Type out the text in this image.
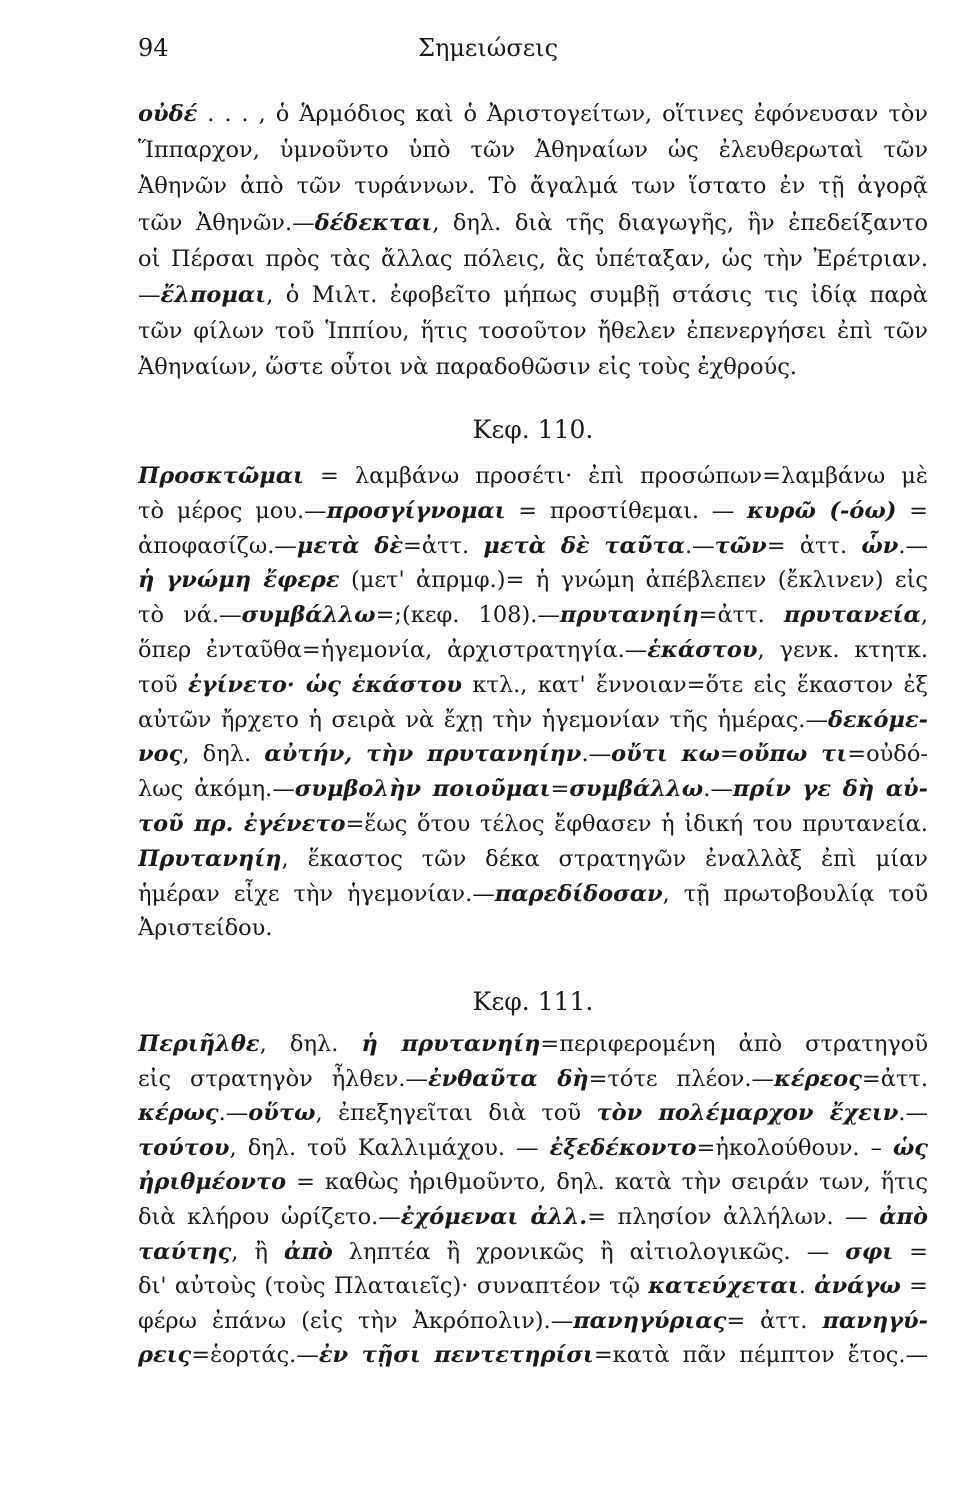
94	Σημειώσεις
οὐδέ . . . , ὁ Ἁρμόδιος καὶ ὁ Ἀριστογείτων, οἵτινες ἐφόνευσαν τὸν
Ἵππαρχον, ὑμνοῦντο ὑπὸ τῶν Ἀθηναίων ὡς ἐλευθερωταὶ τῶν
Ἀθηνῶν ἀπὸ τῶν τυράννων. Τὸ ἄγαλμά των ἵστατο ἐν τῇ ἀγορᾷ
τῶν Ἀθηνῶν.—δέδεκται, δηλ. διὰ τῆς διαγωγῆς, ἣν ἐπεδείξαντο
οἱ Πέρσαι πρὸς τὰς ἄλλας πόλεις, ἃς ὑπέταξαν, ὡς τὴν Ἐρέτριαν.
—ἔλπομαι, ὁ Μιλτ. ἐφοβεῖτο μήπως συμβῇ στάσις τις ἰδίᾳ παρὰ
τῶν φίλων τοῦ Ἱππίου, ἥτις τοσοῦτον ἤθελεν ἐπενεργήσει ἐπὶ τῶν
Ἀθηναίων, ὥστε οὗτοι νὰ παραδοθῶσιν εἰς τοὺς ἐχθρούς.
Κεφ. 110.
Προσκτῶμαι = λαμβάνω προσέτι· ἐπὶ προσώπων=λαμβάνω μὲ
τὸ μέρος μου.—προσγίγνομαι = προστίθεμαι. — κυρῶ (-όω) =
ἀποφασίζω.—μετὰ δὲ=ἀττ. μετὰ δὲ ταῦτα.—τῶν= ἀττ. ὧν.—
ἡ γνώμη ἔφερε (μετ' ἀπρμφ.)= ἡ γνώμη ἀπέβλεπεν (ἔκλινεν) εἰς
τὸ νά.—συμβάλλω=;(κεφ. 108).—πρυτανηίη=ἀττ. πρυτανεία,
ὅπερ ἐνταῦθα=ἡγεμονία, ἀρχιστρατηγία.—ἑκάστου, γενκ. κτητκ.
τοῦ ἐγίνετο· ὡς ἑκάστου κτλ., κατ' ἔννοιαν=ὅτε εἰς ἕκαστον ἐξ
αὐτῶν ἤρχετο ἡ σειρὰ νὰ ἔχῃ τὴν ἡγεμονίαν τῆς ἡμέρας.—δεκόμε-
νος, δηλ. αὐτήν, τὴν πρυτανηίην.—οὔτι κω=οὔπω τι=οὐδό-
λως ἀκόμη.—συμβολὴν ποιοῦμαι=συμβάλλω.—πρίν γε δὴ αὐ-
τοῦ πρ. ἐγένετο=ἕως ὅτου τέλος ἔφθασεν ἡ ἰδική του πρυτανεία.
Πρυτανηίη, ἕκαστος τῶν δέκα στρατηγῶν ἐναλλὰξ ἐπὶ μίαν
ἡμέραν εἶχε τὴν ἡγεμονίαν.—παρεδίδοσαν, τῇ πρωτοβουλίᾳ τοῦ
Ἀριστείδου.
Κεφ. 111.
Περιῆλθε, δηλ. ἡ πρυτανηίη=περιφερομένη ἀπὸ στρατηγοῦ
εἰς στρατηγὸν ἦλθεν.—ἐνθαῦτα δὴ=τότε πλέον.—κέρεος=ἀττ.
κέρως.—οὕτω, ἐπεξηγεῖται διὰ τοῦ τὸν πολέμαρχον ἔχειν.—
τούτου, δηλ. τοῦ Καλλιμάχου. — ἐξεδέκοντο=ἠκολούθουν. – ὡς
ἠριθμέοντο = καθὼς ἠριθμοῦντο, δηλ. κατὰ τὴν σειράν των, ἥτις
διὰ κλήρου ὡρίζετο.—ἐχόμεναι ἀλλ.= πλησίον ἀλλήλων. — ἀπὸ
ταύτης, ἢ ἀπὸ ληπτέα ἢ χρονικῶς ἢ αἰτιολογικῶς. — σφι =
δι' αὐτοὺς (τοὺς Πλαταιεῖς)· συναπτέον τῷ κατεύχεται. ἀνάγω =
φέρω ἐπάνω (εἰς τὴν Ἀκρόπολιν).—πανηγύριας= ἀττ. πανηγύ-
ρεις=ἑορτάς.—ἐν τῇσι πεντετηρίσι=κατὰ πᾶν πέμπτον ἔτος.—
